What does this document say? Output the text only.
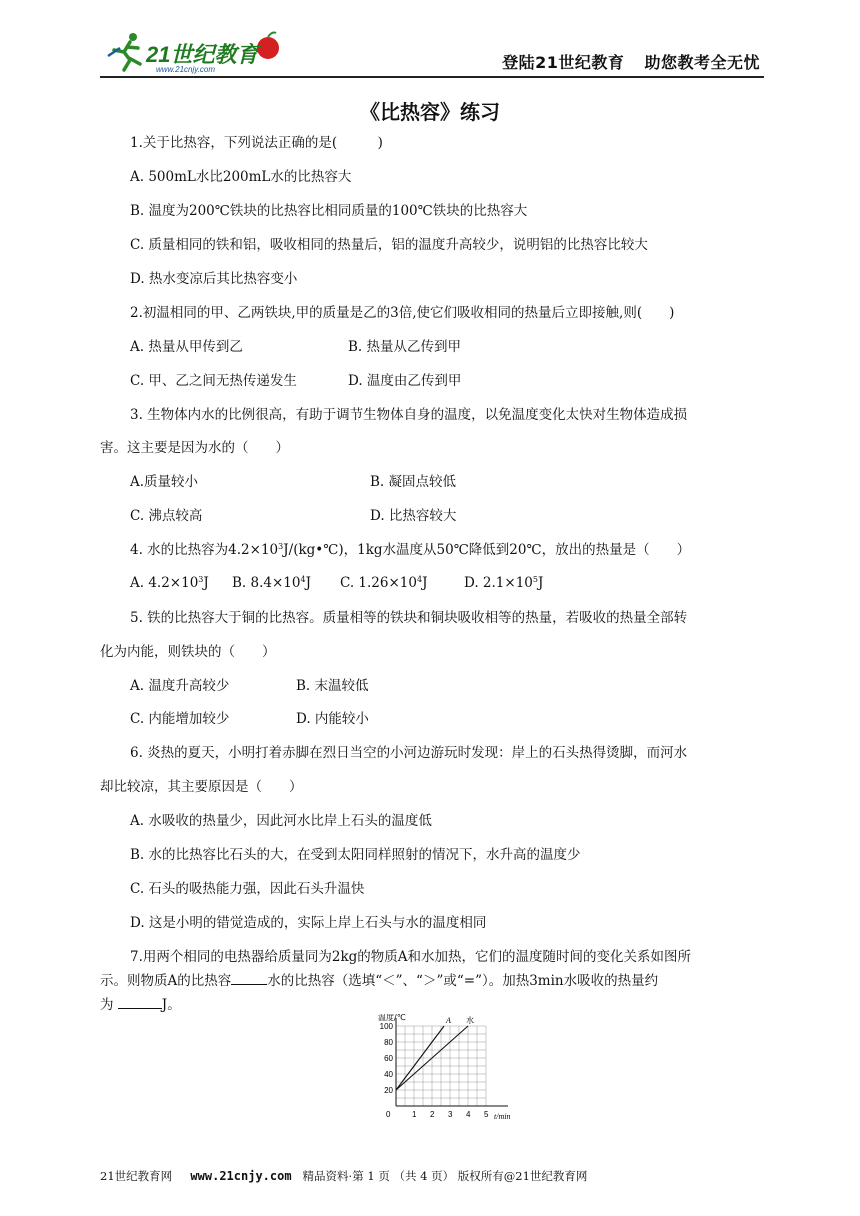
21世纪教育
www.21cnjy.com	登陆21世纪教育 助您教考全无忧
《比热容》练习
1.关于比热容，下列说法正确的是(　　　)
A. 500mL水比200mL水的比热容大
B. 温度为200℃铁块的比热容比相同质量的100℃铁块的比热容大
C. 质量相同的铁和铝，吸收相同的热量后，铝的温度升高较少，说明铝的比热容比较大
D. 热水变凉后其比热容变小
2.初温相同的甲、乙两铁块,甲的质量是乙的3倍,使它们吸收相同的热量后立即接触,则(　　)
A. 热量从甲传到乙	B. 热量从乙传到甲
C. 甲、乙之间无热传递发生	D. 温度由乙传到甲
3. 生物体内水的比例很高，有助于调节生物体自身的温度，以免温度变化太快对生物体造成损
害。这主要是因为水的（　　）
A.质量较小	B. 凝固点较低
C. 沸点较高	D. 比热容较大
4. 水的比热容为$4.2\times 10^3J/(kg•℃)$，1kg水温度从50℃降低到20℃，放出的热量是（　　）
A. $4.2\times 10^3J$ B. $8.4\times 10^4J$ C. $1.26\times 10^4J$	D. $2.1\times 10^5J$
5. 铁的比热容大于铜的比热容。质量相等的铁块和铜块吸收相等的热量，若吸收的热量全部转
化为内能，则铁块的（　　）
A. 温度升高较少	B. 末温较低
C. 内能增加较少	D. 内能较小
6. 炎热的夏天，小明打着赤脚在烈日当空的小河边游玩时发现：岸上的石头热得烫脚，而河水
却比较凉，其主要原因是（　　）
A. 水吸收的热量少，因此河水比岸上石头的温度低
B. 水的比热容比石头的大，在受到太阳同样照射的情况下，水升高的温度少
C. 石头的吸热能力强，因此石头升温快
D. 这是小明的错觉造成的，实际上岸上石头与水的温度相同
7.用两个相同的电热器给质量同为2kg的物质A和水加热，它们的温度随时间的变化关系如图所
示。则物质A的比热容	水的比热容（选填“＜”、“＞”或“=”）。加热3min水吸收的热量约
为	J。
0	1 2 3 4 5
20
40
60
80
100
温度/℃
t/min
A 水
21世纪教育网 www.21cnjy.com 精品资料·第 1 页 （共 4 页） 版权所有@21世纪教育网
